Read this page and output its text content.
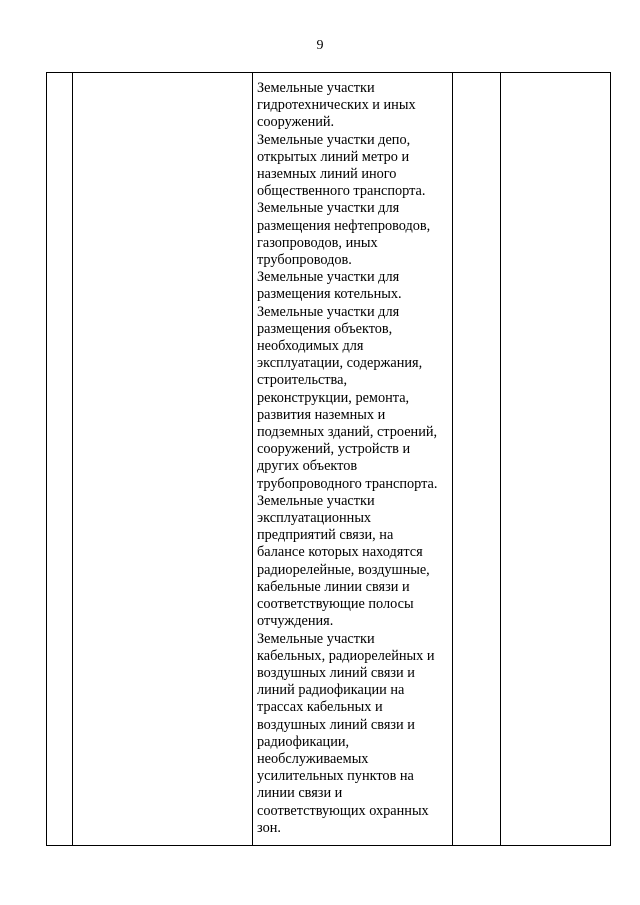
9

Земельные участки
гидротехнических и иных
сооружений.
Земельные участки депо,
открытых линий метро и
наземных линий иного
общественного транспорта.
Земельные участки для
размещения нефтепроводов,
газопроводов, иных
трубопроводов.
Земельные участки для
размещения котельных.
Земельные участки для
размещения объектов,
необходимых для
эксплуатации, содержания,
строительства,
реконструкции, ремонта,
развития наземных и
подземных зданий, строений,
сооружений, устройств и
других объектов
трубопроводного транспорта.
Земельные участки
эксплуатационных
предприятий связи, на
балансе которых находятся
радиорелейные, воздушные,
кабельные линии связи и
соответствующие полосы
отчуждения.
Земельные участки
кабельных, радиорелейных и
воздушных линий связи и
линий радиофикации на
трассах кабельных и
воздушных линий связи и
радиофикации,
необслуживаемых
усилительных пунктов на
линии связи и
соответствующих охранных
зон.
